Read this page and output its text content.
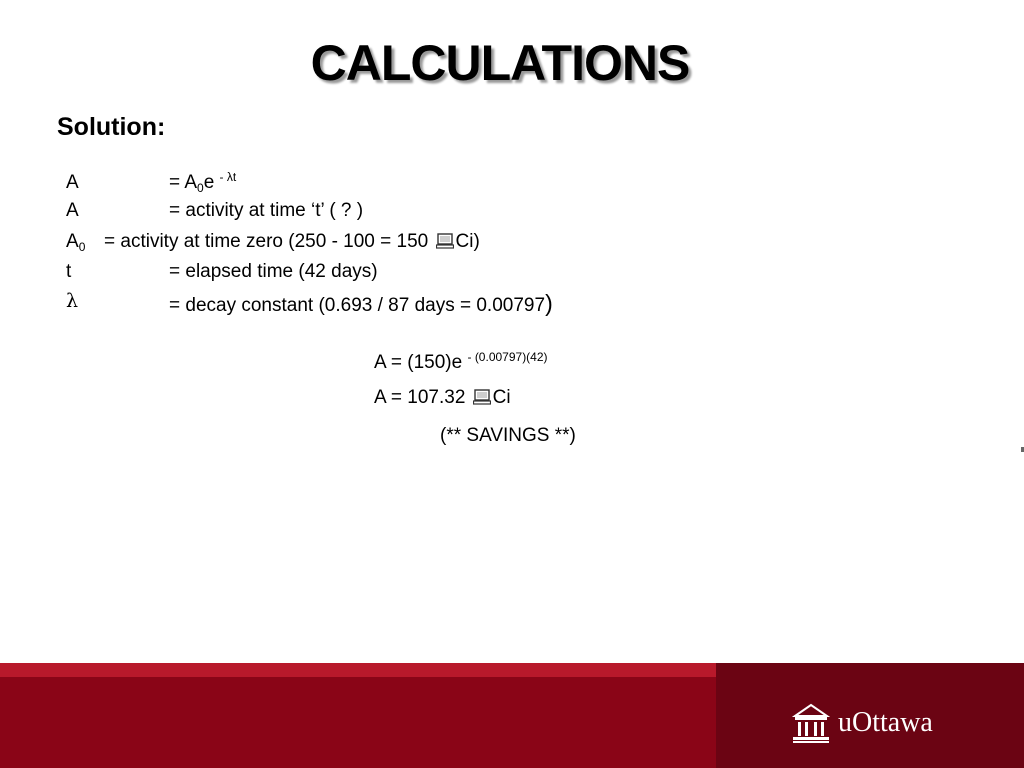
CALCULATIONS
Solution:
A	= $A_0e$ $^{- \lambda t}$
A	= activity at time ‘t’ ( ? )
$A_0$ = activity at time zero (250 - 100 = 150 Ci)
t	= elapsed time (42 days)
λ	= decay constant (0.693 / 87 days = 0.00797)
A = (150)e $^{- (0.00797)(42)}$
A = 107.32 Ci
(** SAVINGS **)
uOttawa
